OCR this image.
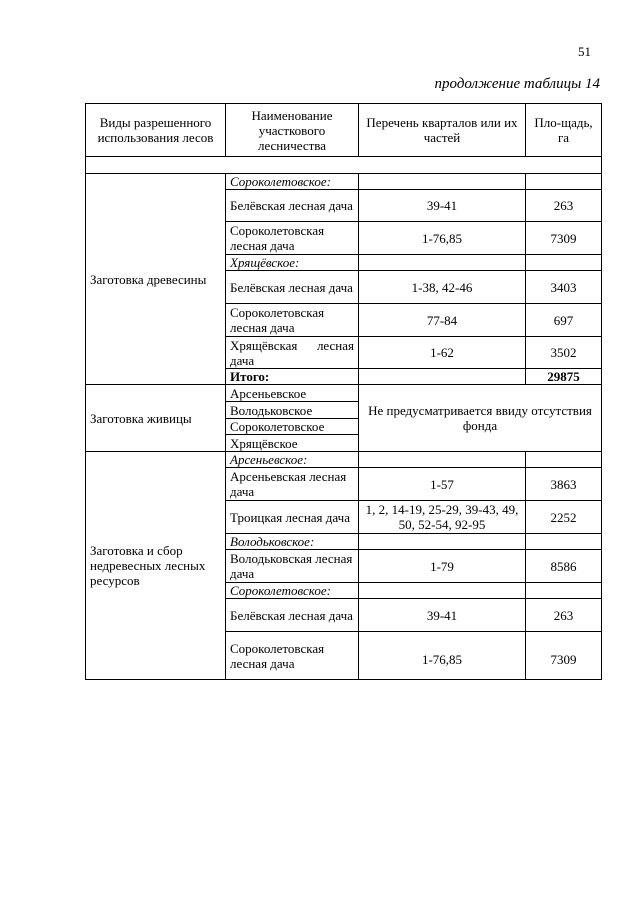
51
продолжение таблицы 14
Виды разрешенного использования лесов	Наименование участкового лесничества	Перечень кварталов или их частей	Пло-щадь, га

Заготовка древесины	Сороколетовское:		
	Белёвская лесная дача	39-41	263
	Сороколетовская лесная дача	1-76,85	7309
	Хрящёвское:		
	Белёвская лесная дача	1-38, 42-46	3403
	Сороколетовская лесная дача	77-84	697
	Хрящёвская лесная дача	1-62	3502
	Итого:		29875
Заготовка живицы	Арсеньевское	Не предусматривается ввиду отсутствия фонда	
	Володьковское		
	Сороколетовское		
	Хрящёвское		
Заготовка и сбор недревесных лесных ресурсов	Арсеньевское:		
	Арсеньевская лесная дача	1-57	3863
	Троицкая лесная дача	1, 2, 14-19, 25-29, 39-43, 49, 50, 52-54, 92-95	2252
	Володьковское:		
	Володьковская лесная дача	1-79	8586
	Сороколетовское:		
	Белёвская лесная дача	39-41	263
	Сороколетовская лесная дача	1-76,85	7309
